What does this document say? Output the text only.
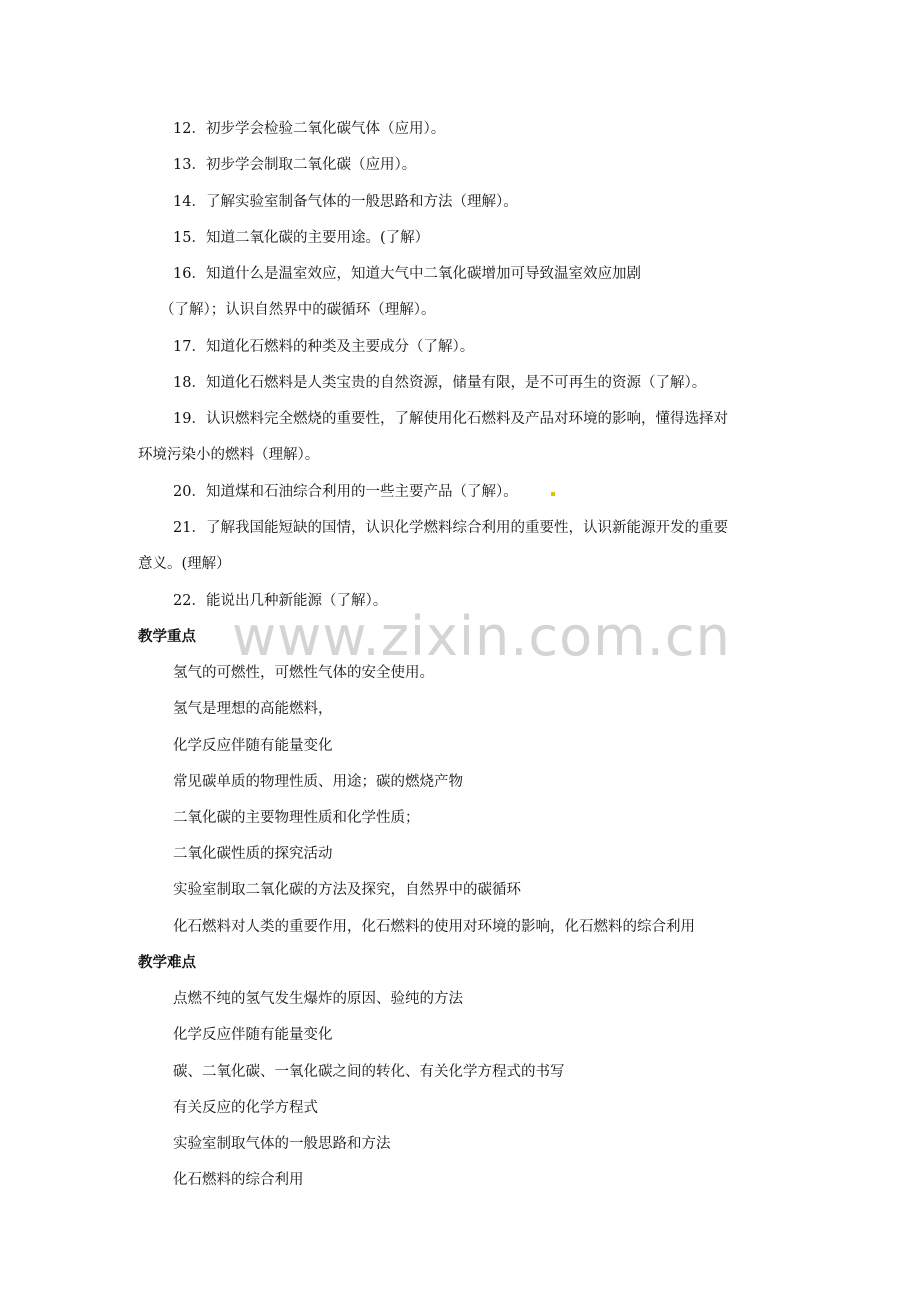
www.zixin.com.cn
12．初步学会检验二氧化碳气体（应用）。
13．初步学会制取二氧化碳（应用）。
14．了解实验室制备气体的一般思路和方法（理解）。
15．知道二氧化碳的主要用途。(了解）
16．知道什么是温室效应，知道大气中二氧化碳增加可导致温室效应加剧
（了解）；认识自然界中的碳循环（理解）。
17．知道化石燃料的种类及主要成分（了解）。
18．知道化石燃料是人类宝贵的自然资源，储量有限，是不可再生的资源（了解）。
19．认识燃料完全燃烧的重要性，了解使用化石燃料及产品对环境的影响，懂得选择对
环境污染小的燃料（理解）。
20．知道煤和石油综合利用的一些主要产品（了解）。
21．了解我国能短缺的国情，认识化学燃料综合利用的重要性，认识新能源开发的重要
意义。(理解）
22．能说出几种新能源（了解）。
教学重点
氢气的可燃性，可燃性气体的安全使用。
氢气是理想的高能燃料，
化学反应伴随有能量变化
常见碳单质的物理性质、用途；碳的燃烧产物
二氧化碳的主要物理性质和化学性质；
二氧化碳性质的探究活动
实验室制取二氧化碳的方法及探究，自然界中的碳循环
化石燃料对人类的重要作用，化石燃料的使用对环境的影响，化石燃料的综合利用
教学难点
点燃不纯的氢气发生爆炸的原因、验纯的方法
化学反应伴随有能量变化
碳、二氧化碳、一氧化碳之间的转化、有关化学方程式的书写
有关反应的化学方程式
实验室制取气体的一般思路和方法
化石燃料的综合利用
